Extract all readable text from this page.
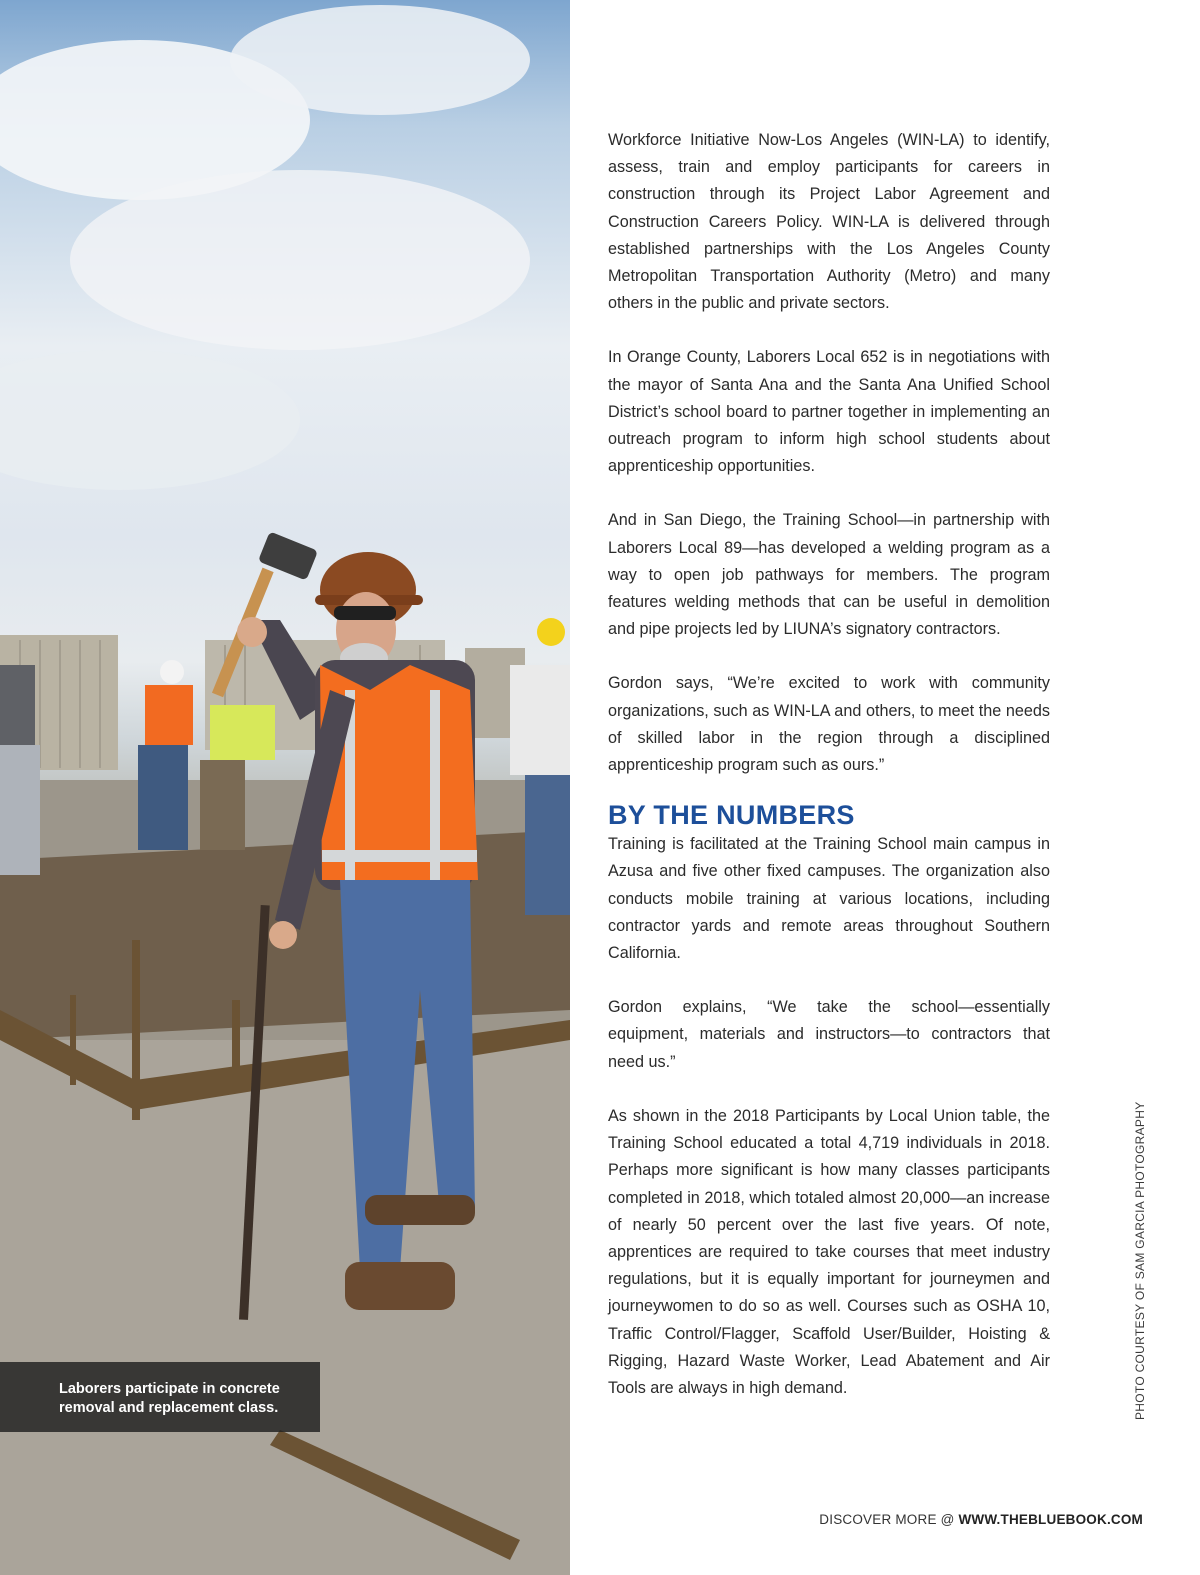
Laborers participate in concrete removal and replacement class.

Workforce Initiative Now-Los Angeles (WIN-LA) to identify, assess, train and employ participants for careers in construction through its Project Labor Agreement and Construction Careers Policy. WIN-LA is delivered through established partnerships with the Los Angeles County Metropolitan Transportation Authority (Metro) and many others in the public and private sectors.

In Orange County, Laborers Local 652 is in negotiations with the mayor of Santa Ana and the Santa Ana Unified School District’s school board to partner together in implementing an outreach program to inform high school students about apprenticeship opportunities.

And in San Diego, the Training School—in partnership with Laborers Local 89—has developed a welding program as a way to open job pathways for members. The program features welding methods that can be useful in demolition and pipe projects led by LIUNA’s signatory contractors.

Gordon says, “We’re excited to work with community organizations, such as WIN-LA and others, to meet the needs of skilled labor in the region through a disciplined apprenticeship program such as ours.”

BY THE NUMBERS

Training is facilitated at the Training School main campus in Azusa and five other fixed campuses. The organization also conducts mobile training at various locations, including contractor yards and remote areas throughout Southern California.

Gordon explains, “We take the school—essentially equipment, materials and instructors—to contractors that need us.”

As shown in the 2018 Participants by Local Union table, the Training School educated a total 4,719 individuals in 2018. Perhaps more significant is how many classes participants completed in 2018, which totaled almost 20,000—an increase of nearly 50 percent over the last five years. Of note, apprentices are required to take courses that meet industry regulations, but it is equally important for journeymen and journeywomen to do so as well. Courses such as OSHA 10, Traffic Control/Flagger, Scaffold User/Builder, Hoisting & Rigging, Hazard Waste Worker, Lead Abatement and Air Tools are always in high demand.	PHOTO COURTESY OF SAM GARCIA PHOTOGRAPHY
DISCOVER MORE @ WWW.THEBLUEBOOK.COM
